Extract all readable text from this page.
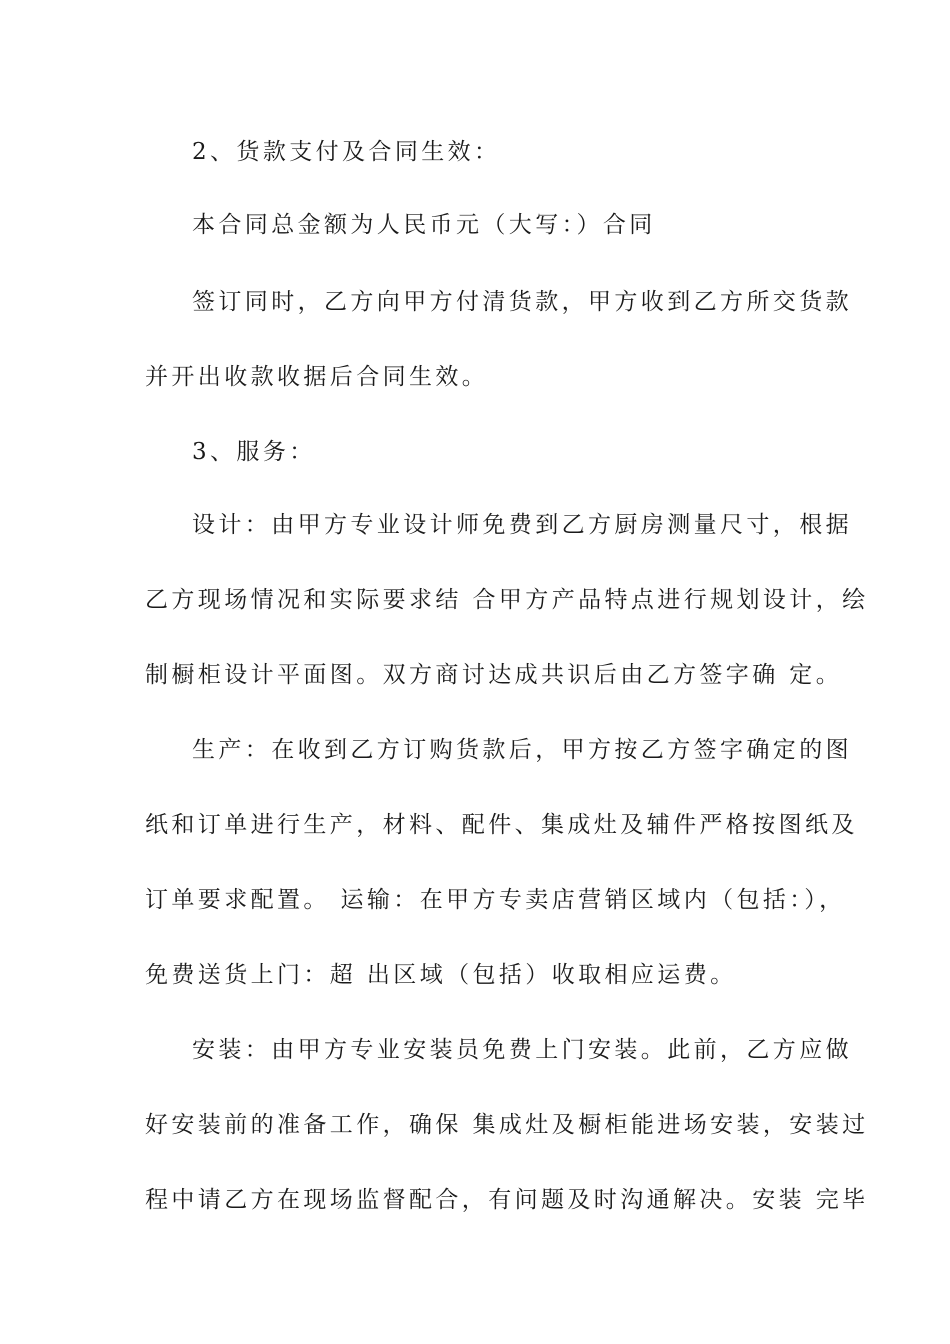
2、货款支付及合同生效：
本合同总金额为人民币元（大写：）合同
签订同时，乙方向甲方付清货款，甲方收到乙方所交货款
并开出收款收据后合同生效。
3、服务：
设计：由甲方专业设计师免费到乙方厨房测量尺寸，根据
乙方现场情况和实际要求结 合甲方产品特点进行规划设计，绘
制橱柜设计平面图。双方商讨达成共识后由乙方签字确 定。
生产：在收到乙方订购货款后，甲方按乙方签字确定的图
纸和订单进行生产，材料、配件、集成灶及辅件严格按图纸及
订单要求配置。 运输：在甲方专卖店营销区域内（包括：），
免费送货上门：超 出区域（包括）收取相应运费。
安装：由甲方专业安装员免费上门安装。此前，乙方应做
好安装前的准备工作，确保 集成灶及橱柜能进场安装，安装过
程中请乙方在现场监督配合，有问题及时沟通解决。安装 完毕
